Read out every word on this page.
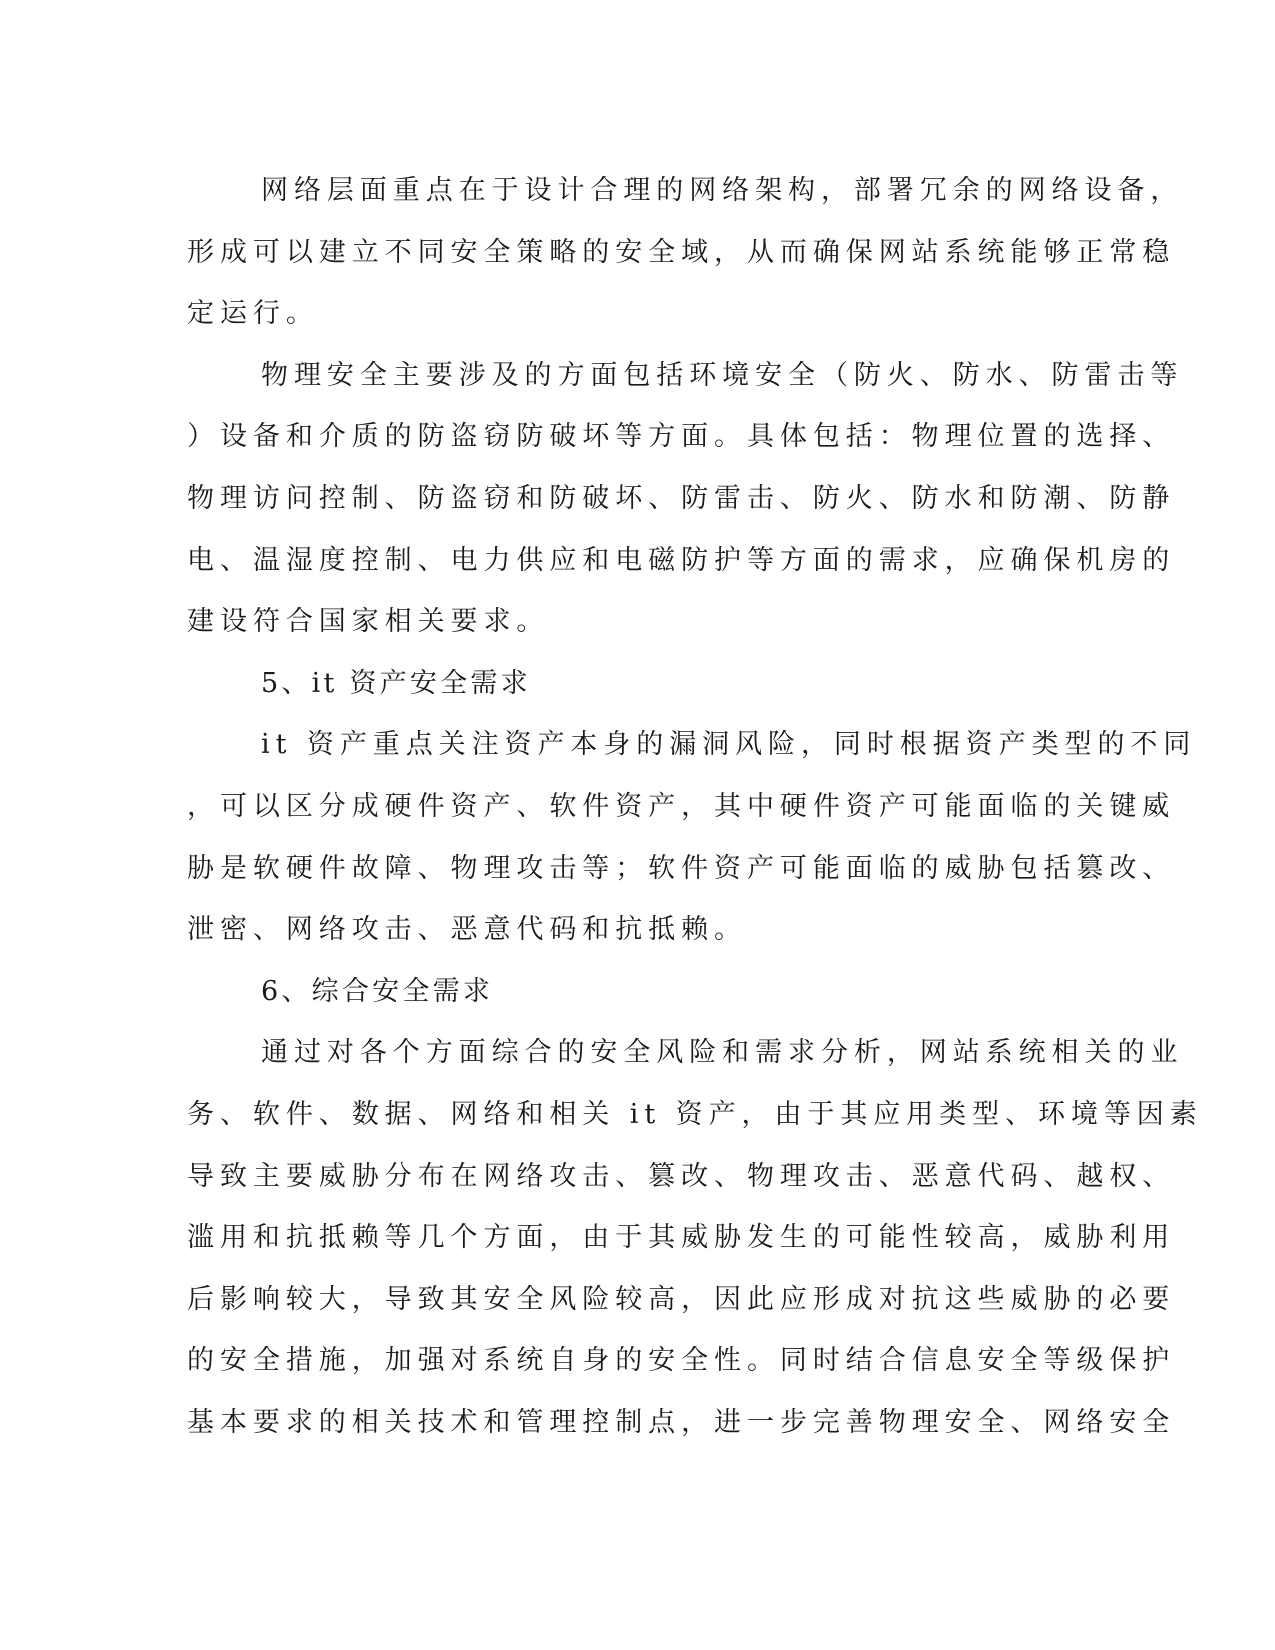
网络层面重点在于设计合理的网络架构，部署冗余的网络设备，
形成可以建立不同安全策略的安全域，从而确保网站系统能够正常稳
定运行。
物理安全主要涉及的方面包括环境安全（防火、防水、防雷击等
）设备和介质的防盗窃防破坏等方面。具体包括：物理位置的选择、
物理访问控制、防盗窃和防破坏、防雷击、防火、防水和防潮、防静
电、温湿度控制、电力供应和电磁防护等方面的需求，应确保机房的
建设符合国家相关要求。
5、it 资产安全需求
it 资产重点关注资产本身的漏洞风险，同时根据资产类型的不同
，可以区分成硬件资产、软件资产，其中硬件资产可能面临的关键威
胁是软硬件故障、物理攻击等；软件资产可能面临的威胁包括篡改、
泄密、网络攻击、恶意代码和抗抵赖。
6、综合安全需求
通过对各个方面综合的安全风险和需求分析，网站系统相关的业
务、软件、数据、网络和相关 it 资产，由于其应用类型、环境等因素
导致主要威胁分布在网络攻击、篡改、物理攻击、恶意代码、越权、
滥用和抗抵赖等几个方面，由于其威胁发生的可能性较高，威胁利用
后影响较大，导致其安全风险较高，因此应形成对抗这些威胁的必要
的安全措施，加强对系统自身的安全性。同时结合信息安全等级保护
基本要求的相关技术和管理控制点，进一步完善物理安全、网络安全
